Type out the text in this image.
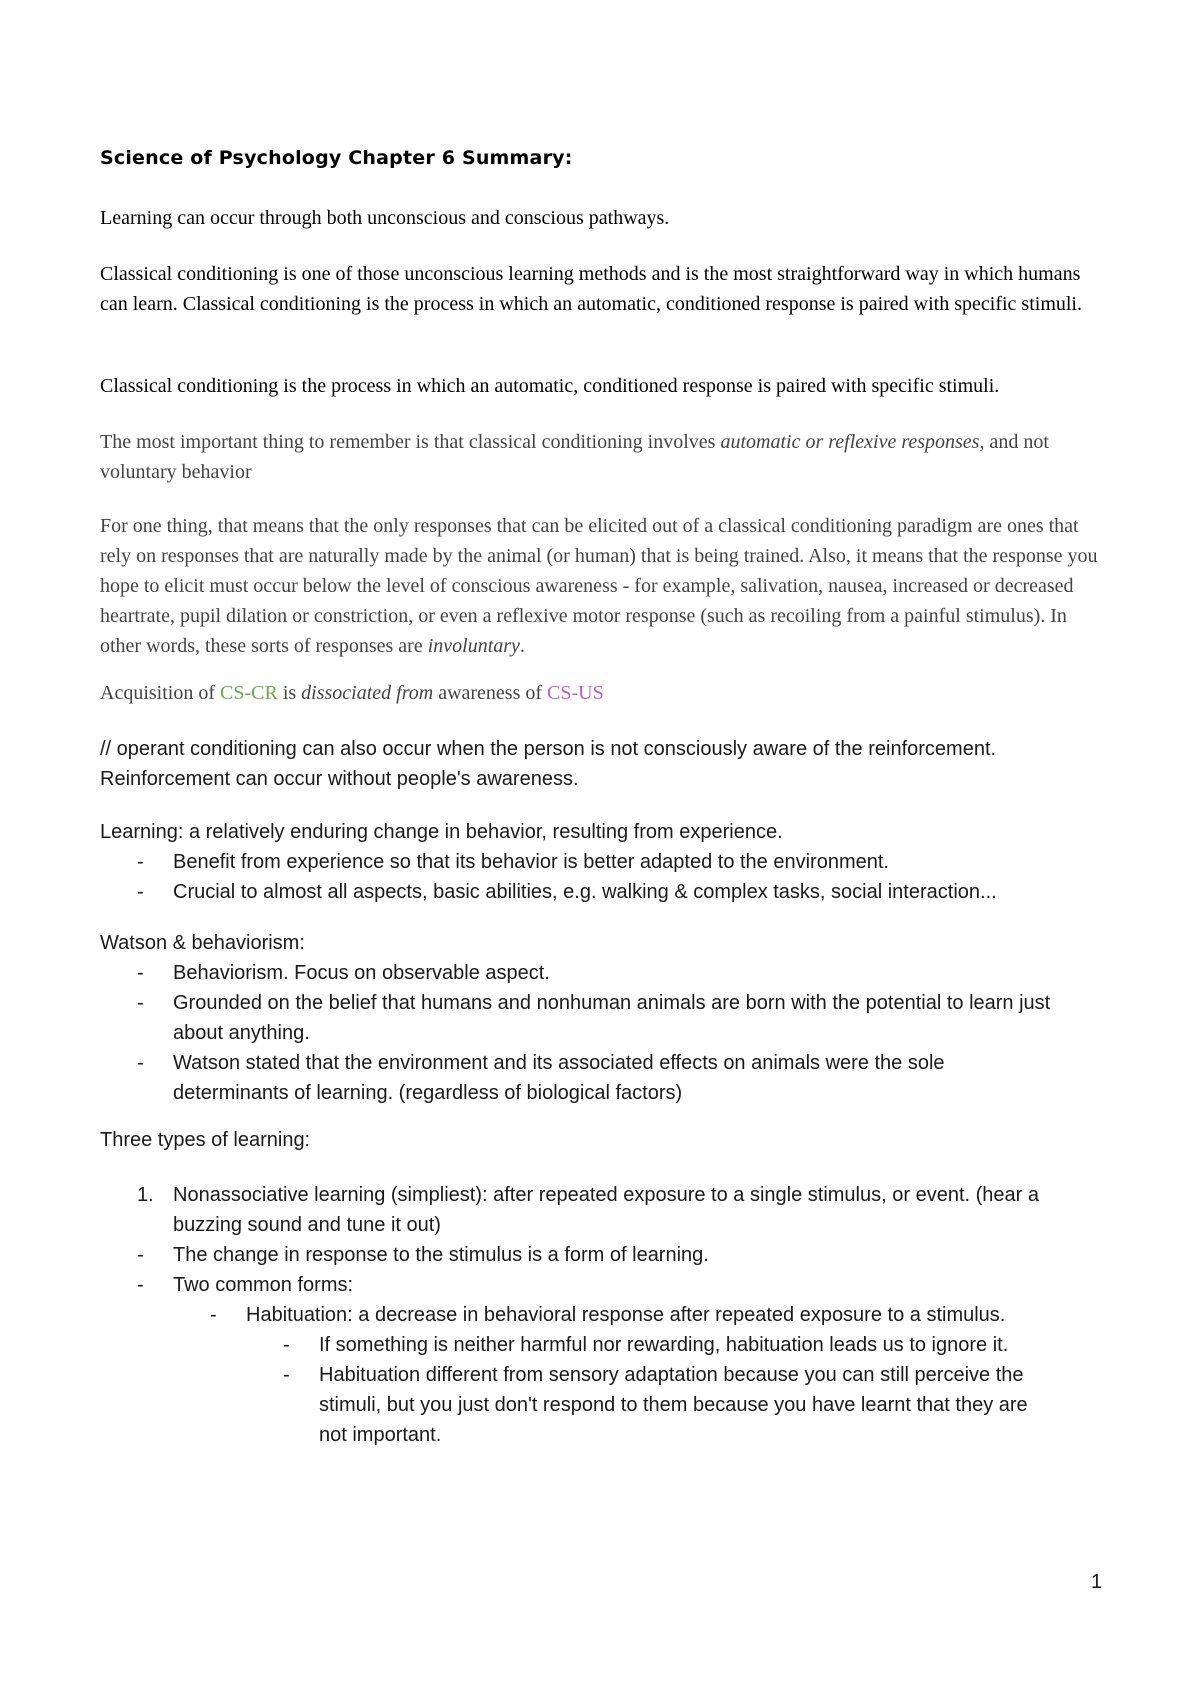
Science of Psychology Chapter 6 Summary:

Learning can occur through both unconscious and conscious pathways.

Classical conditioning is one of those unconscious learning methods and is the most straightforward way in which humans can learn. Classical conditioning is the process in which an automatic, conditioned response is paired with specific stimuli.

Classical conditioning is the process in which an automatic, conditioned response is paired with specific stimuli.

The most important thing to remember is that classical conditioning involves automatic or reflexive responses, and not voluntary behavior

For one thing, that means that the only responses that can be elicited out of a classical conditioning paradigm are ones that rely on responses that are naturally made by the animal (or human) that is being trained. Also, it means that the response you hope to elicit must occur below the level of conscious awareness - for example, salivation, nausea, increased or decreased heartrate, pupil dilation or constriction, or even a reflexive motor response (such as recoiling from a painful stimulus). In other words, these sorts of responses are involuntary.

Acquisition of CS-CR is dissociated from awareness of CS-US

// operant conditioning can also occur when the person is not consciously aware of the reinforcement. Reinforcement can occur without people's awareness.

Learning: a relatively enduring change in behavior, resulting from experience.
- Benefit from experience so that its behavior is better adapted to the environment.
- Crucial to almost all aspects, basic abilities, e.g. walking & complex tasks, social interaction...
Watson & behaviorism:
- Behaviorism. Focus on observable aspect.
- Grounded on the belief that humans and nonhuman animals are born with the potential to learn just about anything.
- Watson stated that the environment and its associated effects on animals were the sole determinants of learning. (regardless of biological factors)
Three types of learning:
1. Nonassociative learning (simpliest): after repeated exposure to a single stimulus, or event. (hear a buzzing sound and tune it out)
- The change in response to the stimulus is a form of learning.
- Two common forms:
- Habituation: a decrease in behavioral response after repeated exposure to a stimulus.
- If something is neither harmful nor rewarding, habituation leads us to ignore it.
- Habituation different from sensory adaptation because you can still perceive the stimuli, but you just don't respond to them because you have learnt that they are not important.
1
